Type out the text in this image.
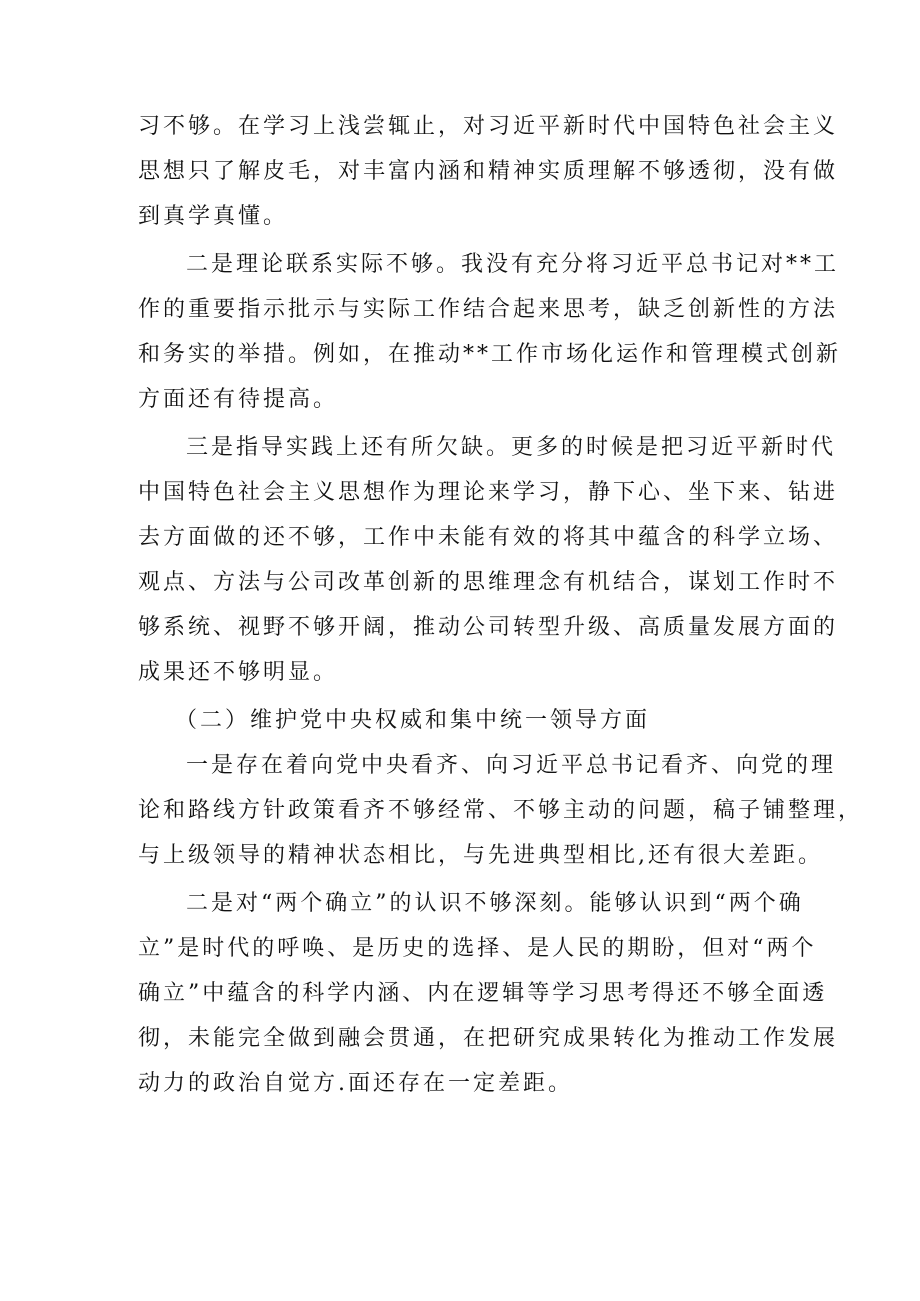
习不够。在学习上浅尝辄止，对习近平新时代中国特色社会主义
思想只了解皮毛，对丰富内涵和精神实质理解不够透彻，没有做
到真学真懂。
二是理论联系实际不够。我没有充分将习近平总书记对**工
作的重要指示批示与实际工作结合起来思考，缺乏创新性的方法
和务实的举措。例如，在推动**工作市场化运作和管理模式创新
方面还有待提高。
三是指导实践上还有所欠缺。更多的时候是把习近平新时代
中国特色社会主义思想作为理论来学习，静下心、坐下来、钻进
去方面做的还不够，工作中未能有效的将其中蕴含的科学立场、
观点、方法与公司改革创新的思维理念有机结合，谋划工作时不
够系统、视野不够开阔，推动公司转型升级、高质量发展方面的
成果还不够明显。
（二）维护党中央权威和集中统一领导方面
一是存在着向党中央看齐、向习近平总书记看齐、向党的理
论和路线方针政策看齐不够经常、不够主动的问题，稿子铺整理，
与上级领导的精神状态相比，与先进典型相比,还有很大差距。
二是对“两个确立”的认识不够深刻。能够认识到“两个确
立”是时代的呼唤、是历史的选择、是人民的期盼，但对“两个
确立”中蕴含的科学内涵、内在逻辑等学习思考得还不够全面透
彻，未能完全做到融会贯通，在把研究成果转化为推动工作发展
动力的政治自觉方.面还存在一定差距。
